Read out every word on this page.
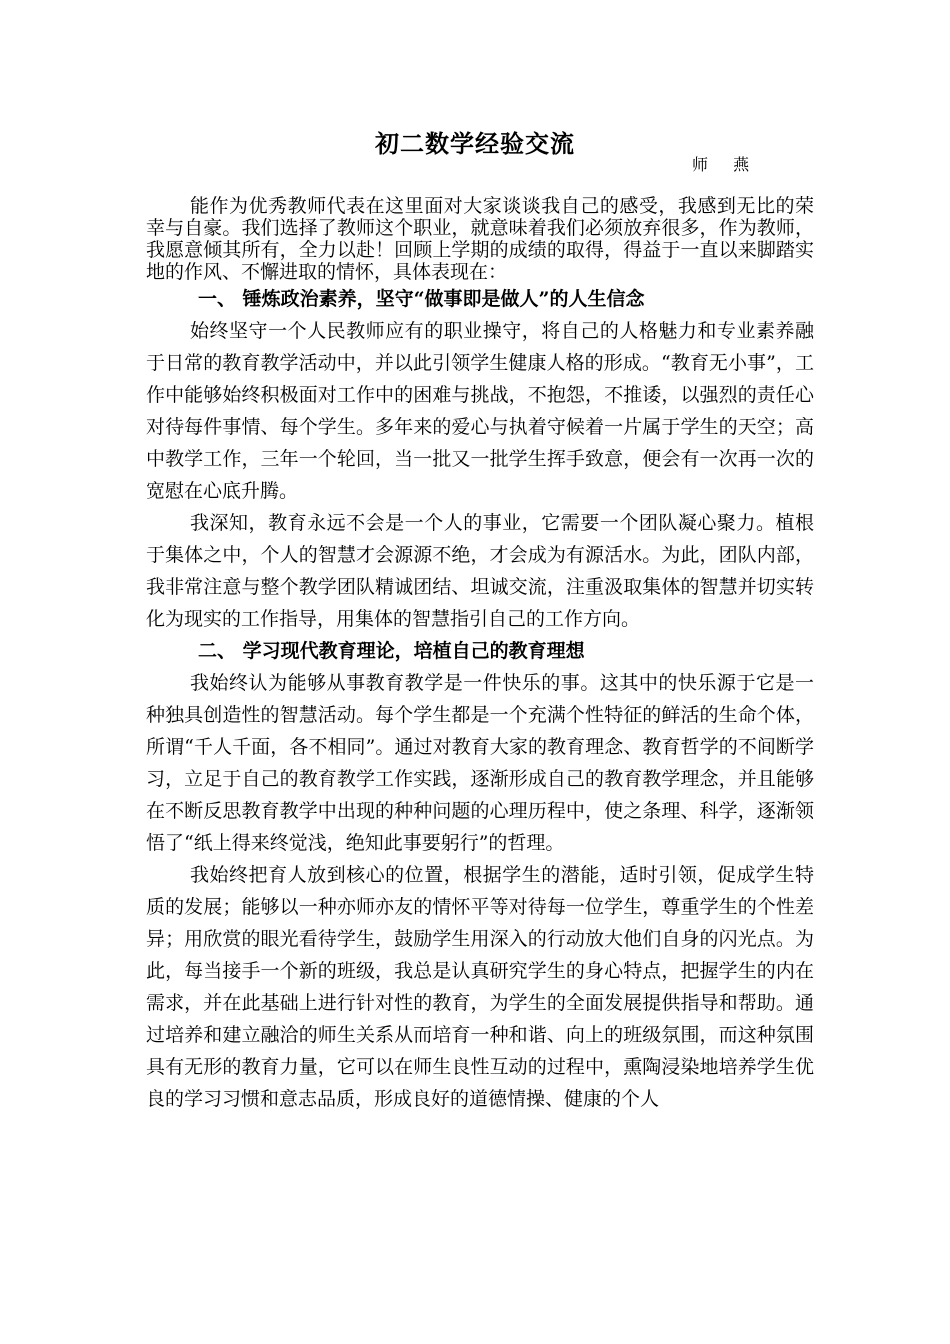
初二数学经验交流
师 燕

能作为优秀教师代表在这里面对大家谈谈我自己的感受，我感到无比的荣幸与自豪。我们选择了教师这个职业，就意味着我们必须放弃很多，作为教师，我愿意倾其所有，全力以赴！回顾上学期的成绩的取得，得益于一直以来脚踏实地的作风、不懈进取的情怀，具体表现在：

一、 锤炼政治素养，坚守“做事即是做人”的人生信念

始终坚守一个人民教师应有的职业操守，将自己的人格魅力和专业素养融于日常的教育教学活动中，并以此引领学生健康人格的形成。“教育无小事”，工作中能够始终积极面对工作中的困难与挑战，不抱怨，不推诿，以强烈的责任心对待每件事情、每个学生。多年来的爱心与执着守候着一片属于学生的天空；高中教学工作，三年一个轮回，当一批又一批学生挥手致意，便会有一次再一次的宽慰在心底升腾。

我深知，教育永远不会是一个人的事业，它需要一个团队凝心聚力。植根于集体之中，个人的智慧才会源源不绝，才会成为有源活水。为此，团队内部，我非常注意与整个教学团队精诚团结、坦诚交流，注重汲取集体的智慧并切实转化为现实的工作指导，用集体的智慧指引自己的工作方向。

二、 学习现代教育理论，培植自己的教育理想

我始终认为能够从事教育教学是一件快乐的事。这其中的快乐源于它是一种独具创造性的智慧活动。每个学生都是一个充满个性特征的鲜活的生命个体，所谓“千人千面，各不相同”。通过对教育大家的教育理念、教育哲学的不间断学习，立足于自己的教育教学工作实践，逐渐形成自己的教育教学理念，并且能够在不断反思教育教学中出现的种种问题的心理历程中，使之条理、科学，逐渐领悟了“纸上得来终觉浅，绝知此事要躬行”的哲理。

我始终把育人放到核心的位置，根据学生的潜能，适时引领，促成学生特质的发展；能够以一种亦师亦友的情怀平等对待每一位学生，尊重学生的个性差异；用欣赏的眼光看待学生，鼓励学生用深入的行动放大他们自身的闪光点。为此，每当接手一个新的班级，我总是认真研究学生的身心特点，把握学生的内在需求，并在此基础上进行针对性的教育，为学生的全面发展提供指导和帮助。通过培养和建立融洽的师生关系从而培育一种和谐、向上的班级氛围，而这种氛围具有无形的教育力量，它可以在师生良性互动的过程中，熏陶浸染地培养学生优良的学习习惯和意志品质，形成良好的道德情操、健康的个人
